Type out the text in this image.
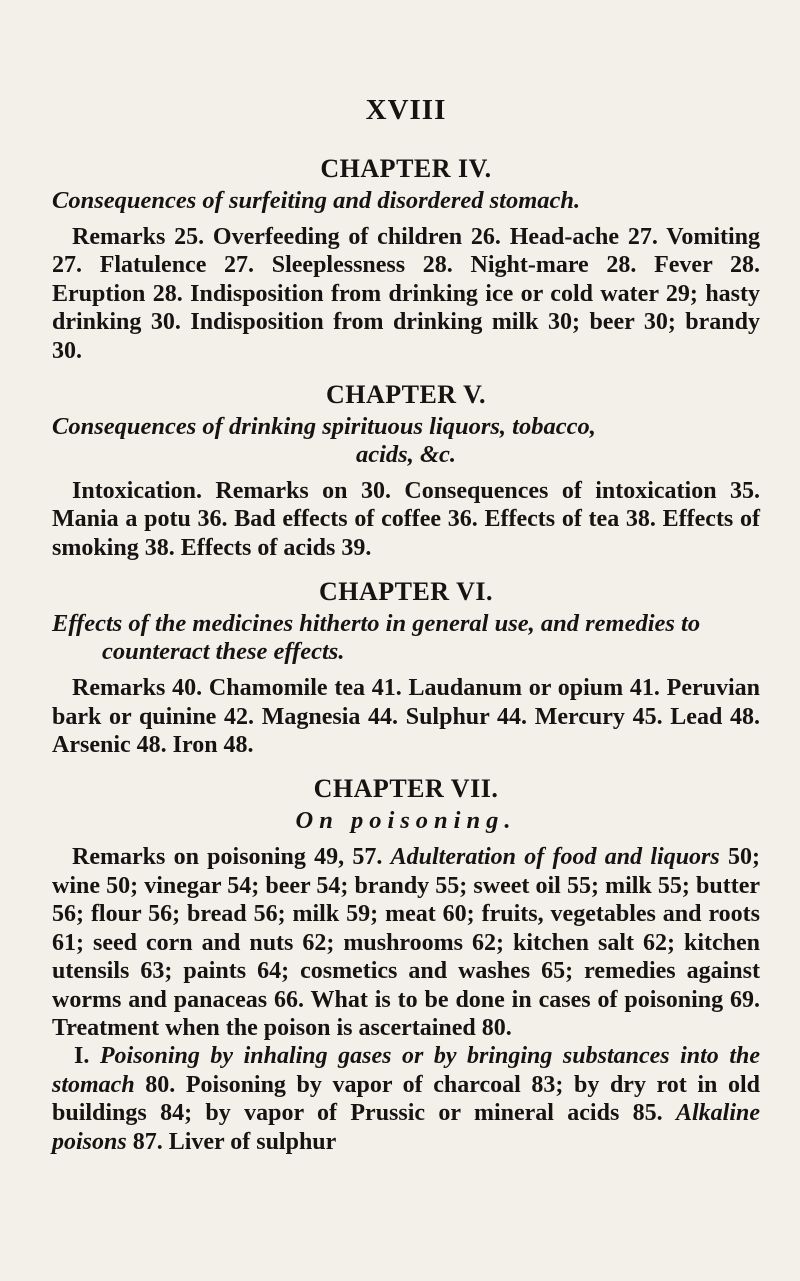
XVIII
CHAPTER IV.
Consequences of surfeiting and disordered stomach.

Remarks 25. Overfeeding of children 26. Head-ache 27. Vomiting 27. Flatulence 27. Sleeplessness 28. Night-mare 28. Fever 28. Eruption 28. Indisposition from drinking ice or cold water 29; hasty drinking 30. Indisposition from drinking milk 30; beer 30; brandy 30.

CHAPTER V.
Consequences of drinking spirituous liquors, tobacco,
acids, &c.

Intoxication. Remarks on 30. Consequences of intoxication 35. Mania a potu 36. Bad effects of coffee 36. Effects of tea 38. Effects of smoking 38. Effects of acids 39.

CHAPTER VI.
Effects of the medicines hitherto in general use, and remedies to counteract these effects.

Remarks 40. Chamomile tea 41. Laudanum or opium 41. Peruvian bark or quinine 42. Magnesia 44. Sulphur 44. Mercury 45. Lead 48. Arsenic 48. Iron 48.

CHAPTER VII.
On poisoning.

Remarks on poisoning 49, 57. Adulteration of food and liquors 50; wine 50; vinegar 54; beer 54; brandy 55; sweet oil 55; milk 55; butter 56; flour 56; bread 56; milk 59; meat 60; fruits, vegetables and roots 61; seed corn and nuts 62; mushrooms 62; kitchen salt 62; kitchen utensils 63; paints 64; cosmetics and washes 65; remedies against worms and panaceas 66. What is to be done in cases of poisoning 69. Treatment when the poison is ascertained 80.

I. Poisoning by inhaling gases or by bringing substances into the stomach 80. Poisoning by vapor of charcoal 83; by dry rot in old buildings 84; by vapor of Prussic or mineral acids 85. Alkaline poisons 87. Liver of sulphur
